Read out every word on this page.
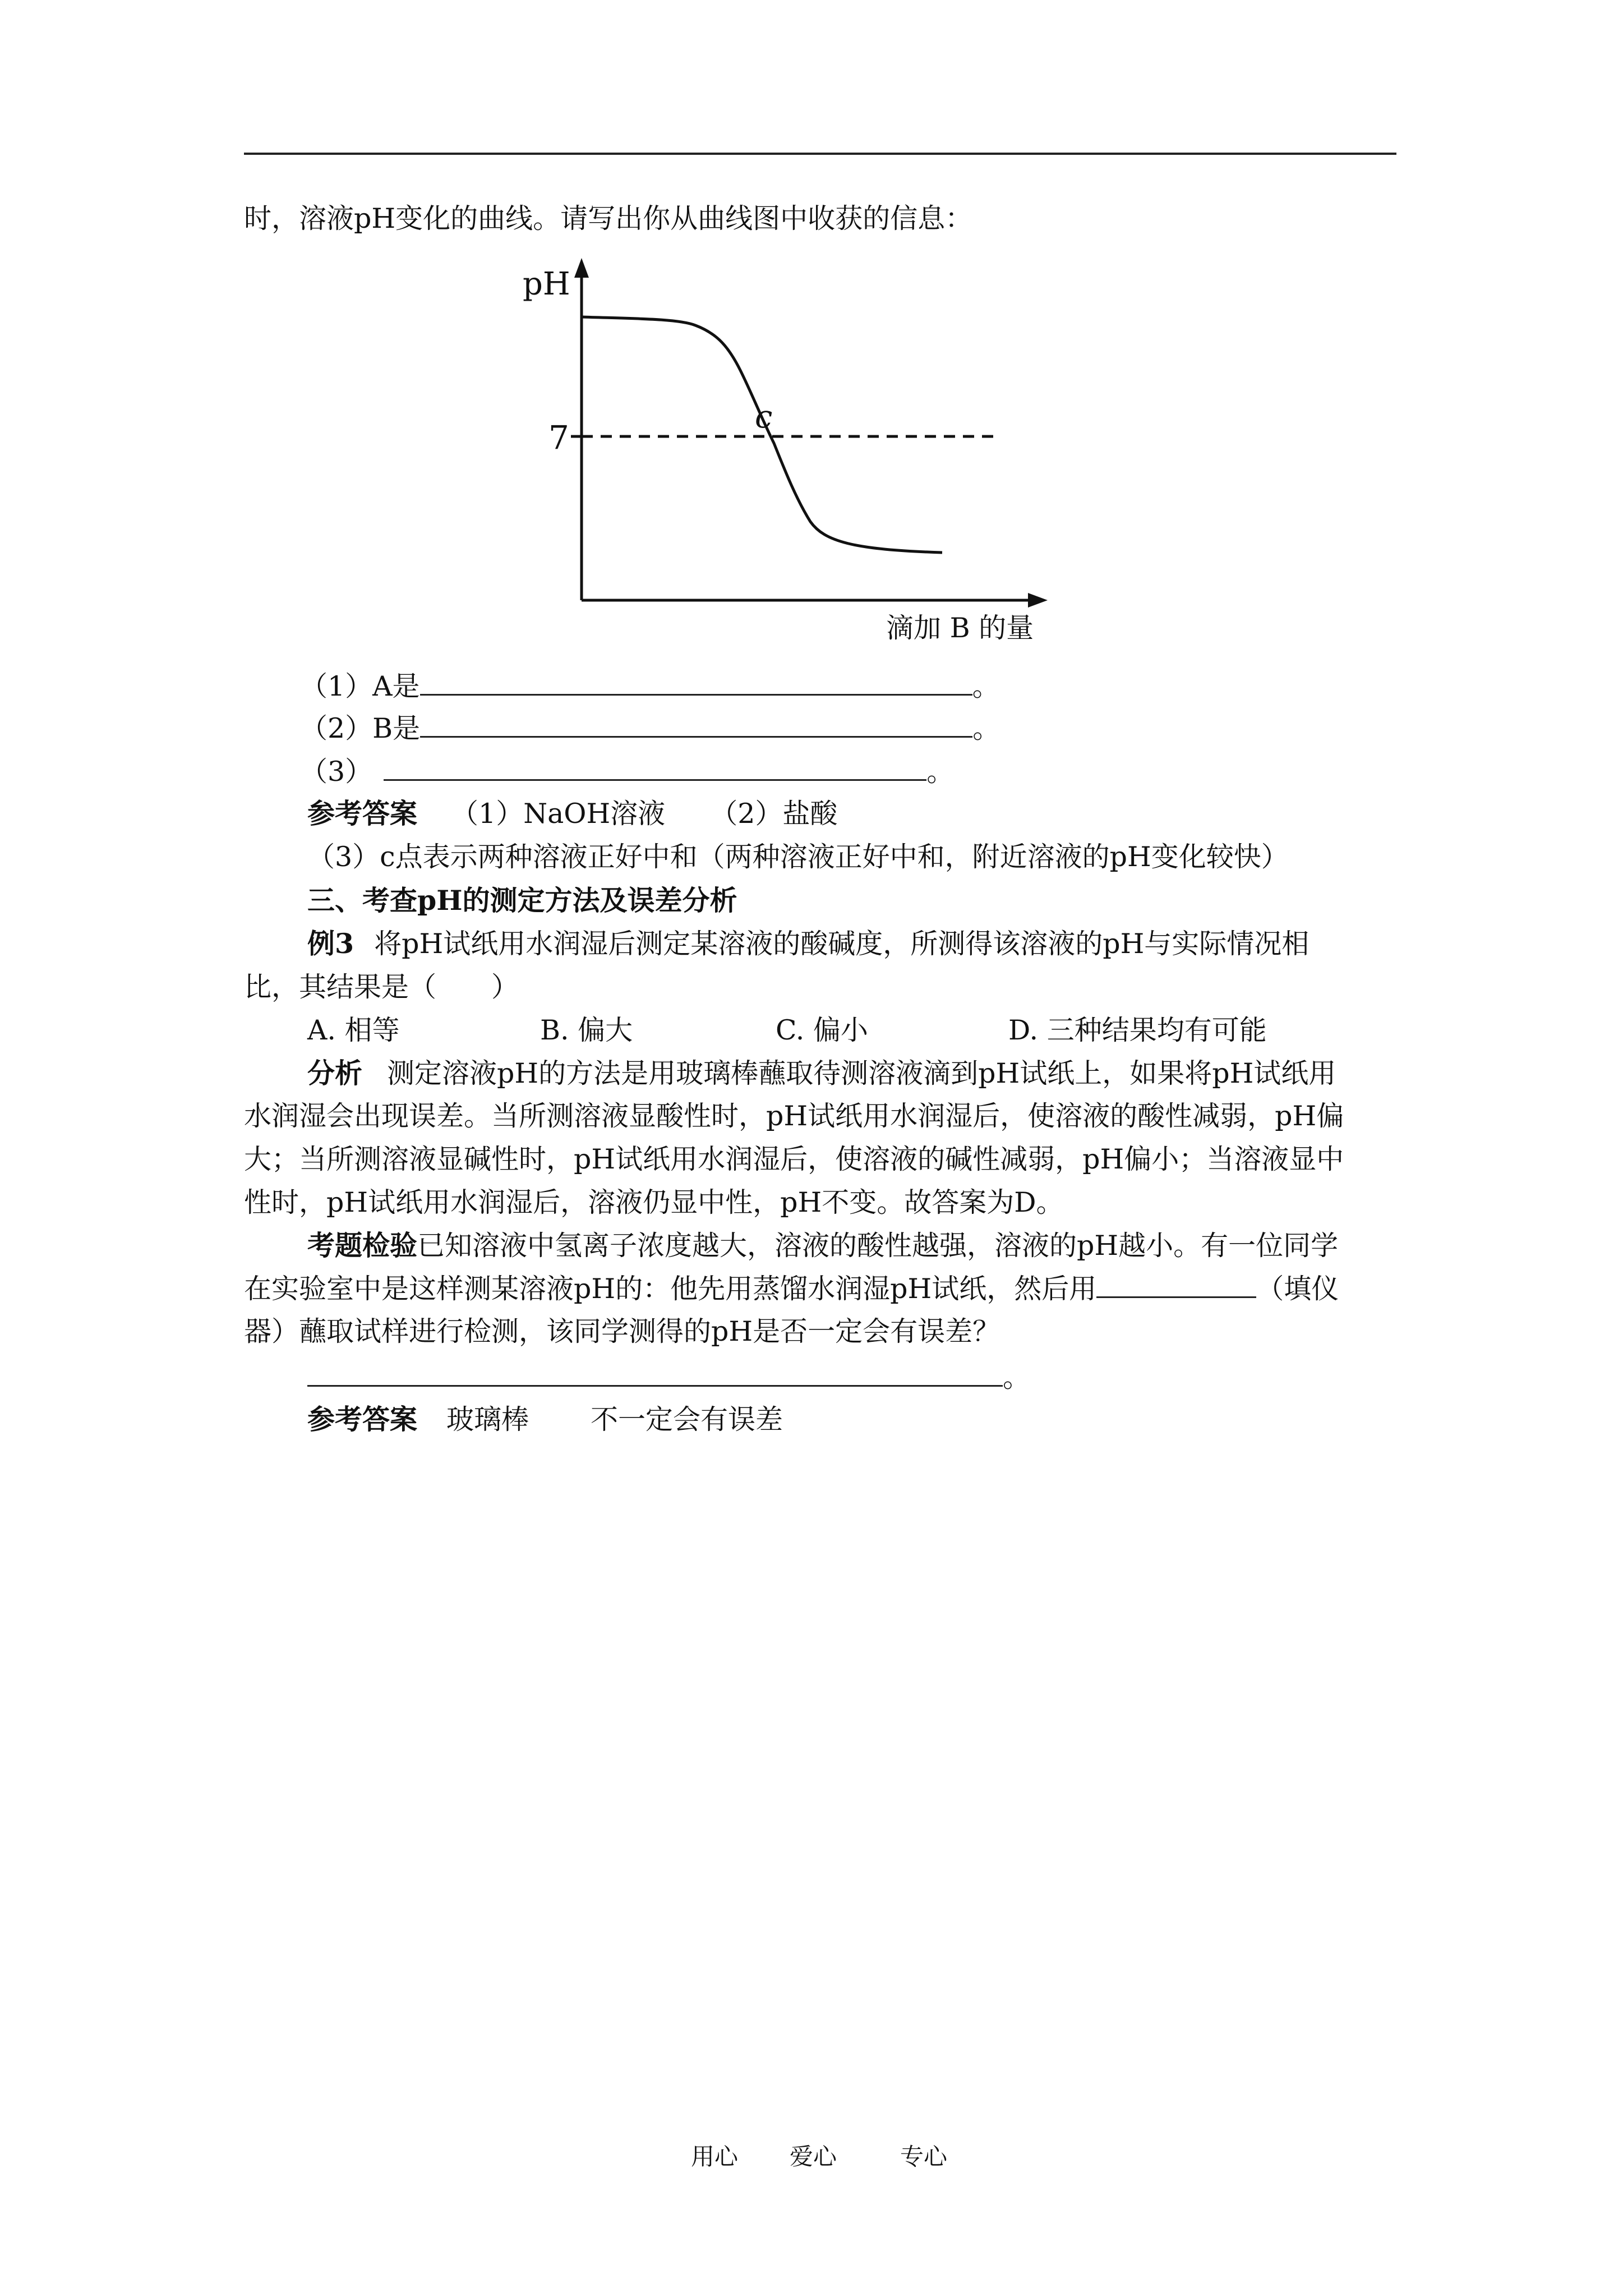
时，溶液pH变化的曲线。请写出你从曲线图中收获的信息：
pH
7
c
滴加 B 的量
（1）A是	。
（2）B是	。
（3）	。
参考答案 （1）NaOH溶液 （2）盐酸
（3）c点表示两种溶液正好中和（两种溶液正好中和，附近溶液的pH变化较快）
三、考查pH的测定方法及误差分析
例3 将pH试纸用水润湿后测定某溶液的酸碱度，所测得该溶液的pH与实际情况相
比，其结果是（　　）
A. 相等	B. 偏大	C. 偏小	D. 三种结果均有可能
分析 测定溶液pH的方法是用玻璃棒蘸取待测溶液滴到pH试纸上，如果将pH试纸用
水润湿会出现误差。当所测溶液显酸性时，pH试纸用水润湿后，使溶液的酸性减弱，pH偏
大；当所测溶液显碱性时，pH试纸用水润湿后，使溶液的碱性减弱，pH偏小；当溶液显中
性时，pH试纸用水润湿后，溶液仍显中性，pH不变。故答案为D。
考题检验已知溶液中氢离子浓度越大，溶液的酸性越强，溶液的pH越小。有一位同学
在实验室中是这样测某溶液pH的：他先用蒸馏水润湿pH试纸，然后用	（填仪
器）蘸取试样进行检测，该同学测得的pH是否一定会有误差？
。
参考答案 玻璃棒 不一定会有误差
用心 爱心	专心
